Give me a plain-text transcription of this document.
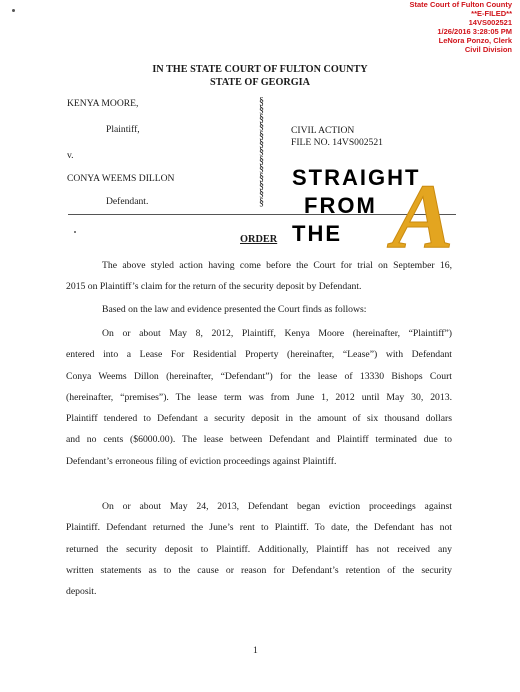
State Court of Fulton County
**E-FILED**
14VS002521
1/26/2016 3:28:05 PM
LeNora Ponzo, Clerk
Civil Division
IN THE STATE COURT OF FULTON COUNTY
STATE OF GEORGIA
KENYA MOORE,
Plaintiff,
v.
CONYA WEEMS DILLON
Defendant.
§
§
§
§
§
§
§
§
§
§
§
§
§
CIVIL ACTION
FILE NO. 14VS002521
STRAIGHT
FROM
THE A
ORDER
The above styled action having come before the Court for trial on September 16,
2015 on Plaintiff’s claim for the return of the security deposit by Defendant.
Based on the law and evidence presented the Court finds as follows:
On or about May 8, 2012, Plaintiff, Kenya Moore (hereinafter, “Plaintiff”)
entered into a Lease For Residential Property (hereinafter, “Lease”) with Defendant
Conya Weems Dillon (hereinafter, “Defendant”) for the lease of 13330 Bishops Court
(hereinafter, “premises”). The lease term was from June 1, 2012 until May 30, 2013.
Plaintiff tendered to Defendant a security deposit in the amount of six thousand dollars
and no cents ($6000.00). The lease between Defendant and Plaintiff terminated due to
Defendant’s erroneous filing of eviction proceedings against Plaintiff.
On or about May 24, 2013, Defendant began eviction proceedings against
Plaintiff. Defendant returned the June’s rent to Plaintiff. To date, the Defendant has not
returned the security deposit to Plaintiff. Additionally, Plaintiff has not received any
written statements as to the cause or reason for Defendant’s retention of the security
deposit.
1
